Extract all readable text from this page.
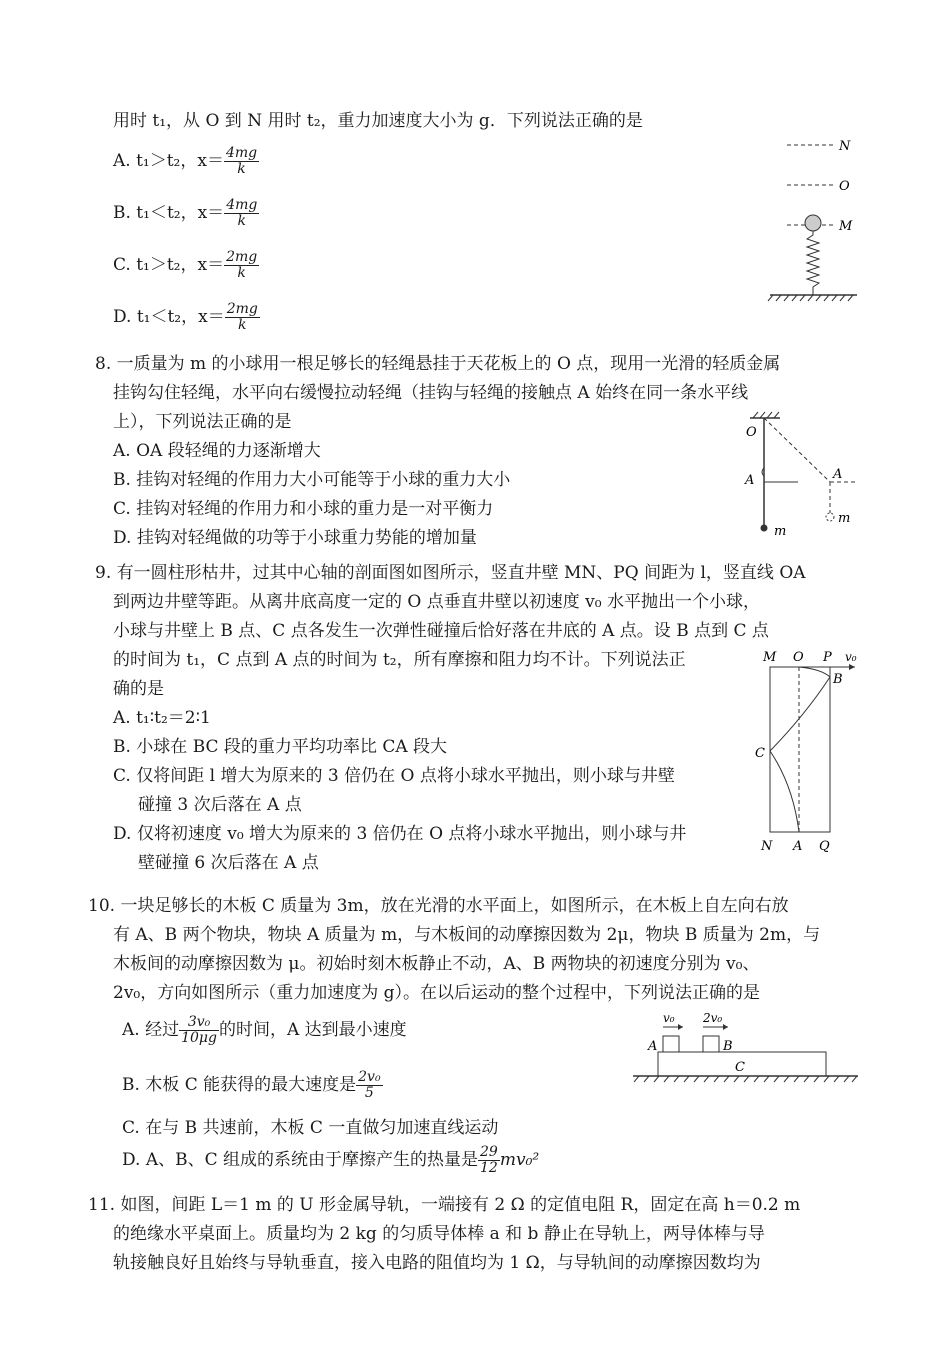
用时 t₁，从 O 到 N 用时 t₂，重力加速度大小为 g．下列说法正确的是
A. t₁＞t₂，$x= \frac{4mg}{k}$
B. t₁＜t₂，$x= \frac{4mg}{k}$
C. t₁＞t₂，$x= \frac{2mg}{k}$
D. t₁＜t₂，$x= \frac{2mg}{k}$
N
O
M
8. 一质量为 m 的小球用一根足够长的轻绳悬挂于天花板上的 O 点，现用一光滑的轻质金属
挂钩勾住轻绳，水平向右缓慢拉动轻绳（挂钩与轻绳的接触点 A 始终在同一条水平线
上），下列说法正确的是
A. OA 段轻绳的力逐渐增大
B. 挂钩对轻绳的作用力大小可能等于小球的重力大小
C. 挂钩对轻绳的作用力和小球的重力是一对平衡力
D. 挂钩对轻绳做的功等于小球重力势能的增加量
O
m
A	A
m
9. 有一圆柱形枯井，过其中心轴的剖面图如图所示，竖直井壁 MN、PQ 间距为 l，竖直线 OA
到两边井壁等距。从离井底高度一定的 O 点垂直井壁以初速度 v₀ 水平抛出一个小球，
小球与井壁上 B 点、C 点各发生一次弹性碰撞后恰好落在井底的 A 点。设 B 点到 C 点
的时间为 t₁，C 点到 A 点的时间为 t₂，所有摩擦和阻力均不计。下列说法正
确的是
A. t₁∶t₂＝2∶1
B. 小球在 BC 段的重力平均功率比 CA 段大
C. 仅将间距 l 增大为原来的 3 倍仍在 O 点将小球水平抛出，则小球与井壁
碰撞 3 次后落在 A 点
D. 仅将初速度 v₀ 增大为原来的 3 倍仍在 O 点将小球水平抛出，则小球与井
壁碰撞 6 次后落在 A 点
M O P v₀
B
C
N A Q
10. 一块足够长的木板 C 质量为 3m，放在光滑的水平面上，如图所示，在木板上自左向右放
有 A、B 两个物块，物块 A 质量为 m，与木板间的动摩擦因数为 2μ，物块 B 质量为 2m，与
木板间的动摩擦因数为 μ。初始时刻木板静止不动，A、B 两物块的初速度分别为 v₀、
2v₀，方向如图所示（重力加速度为 g）。在以后运动的整个过程中，下列说法正确的是
A. 经过 $\frac{\text{3v₀}}{10\mu g}$ 的时间，A 达到最小速度
B. 木板 C 能获得的最大速度是 $\frac{\text{2v₀}}{5}$
C. 在与 B 共速前，木板 C 一直做匀加速直线运动
D. A、B、C 组成的系统由于摩擦产生的热量是 $\frac{29}{12} mv_0^2$
v₀ 2v₀
A	B
C
11. 如图，间距 L＝1 m 的 U 形金属导轨，一端接有 2 Ω 的定值电阻 R，固定在高 h＝0.2 m
的绝缘水平桌面上。质量均为 2 kg 的匀质导体棒 a 和 b 静止在导轨上，两导体棒与导
轨接触良好且始终与导轨垂直，接入电路的阻值均为 1 Ω，与导轨间的动摩擦因数均为
